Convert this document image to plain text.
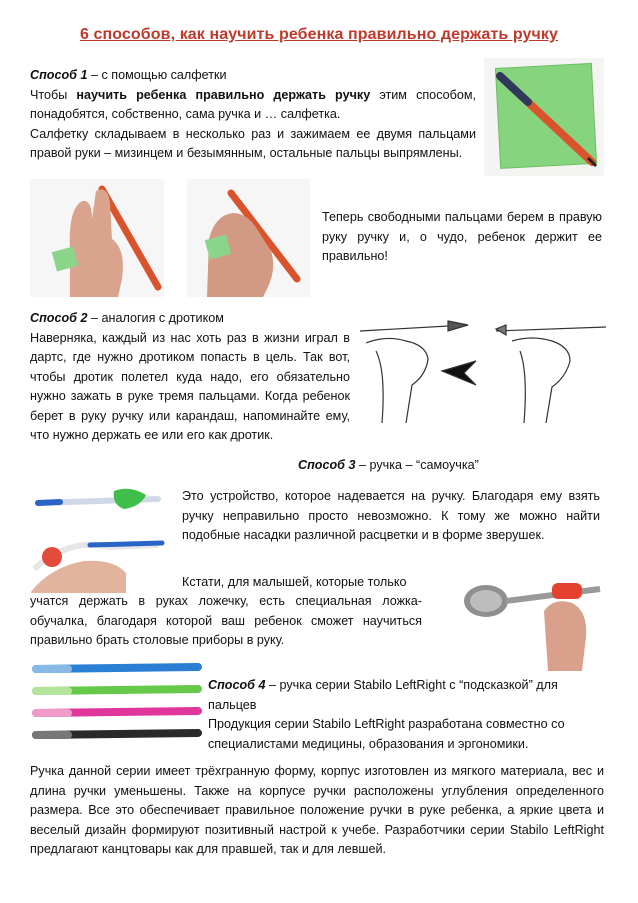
6 способов, как научить ребенка правильно держать ручку
Способ 1 – с помощью салфетки
Чтобы научить ребенка правильно держать ручку этим способом, понадобятся, собственно, сама ручка и … салфетка.
Салфетку складываем в несколько раз и зажимаем ее двумя пальцами правой руки – мизинцем и безымянным, остальные пальцы выпрямлены.
Теперь свободными пальцами берем в правую руку ручку и, о чудо, ребенок держит ее правильно!
Способ 2 – аналогия с дротиком
Наверняка, каждый из нас хоть раз в жизни играл в дартс, где нужно дротиком попасть в цель. Так вот, чтобы дротик полетел куда надо, его обязательно нужно зажать в руке тремя пальцами. Когда ребенок берет в руку ручку или карандаш, напоминайте ему, что нужно держать ее или его как дротик.
Способ 3 – ручка – “самоучка”
Это устройство, которое надевается на ручку. Благодаря ему взять ручку неправильно просто невозможно. К тому же можно найти подобные насадки различной расцветки и в форме зверушек.
Кстати, для малышей, которые только
учатся держать в руках ложечку, есть специальная ложка-обучалка, благодаря которой ваш ребенок сможет научиться правильно брать столовые приборы в руку.
Способ 4 – ручка серии Stabilo LeftRight с “подсказкой” для пальцев
Продукция серии Stabilo LeftRight разработана совместно со специалистами медицины, образования и эргономики.
Ручка данной серии имеет трёхгранную форму, корпус изготовлен из мягкого материала, вес и длина ручки уменьшены. Также на корпусе ручки расположены углубления определенного размера. Все это обеспечивает правильное положение ручки в руке ребенка, а яркие цвета и веселый дизайн формируют позитивный настрой к учебе. Разработчики серии Stabilo LeftRight предлагают канцтовары как для правшей, так и для левшей.
